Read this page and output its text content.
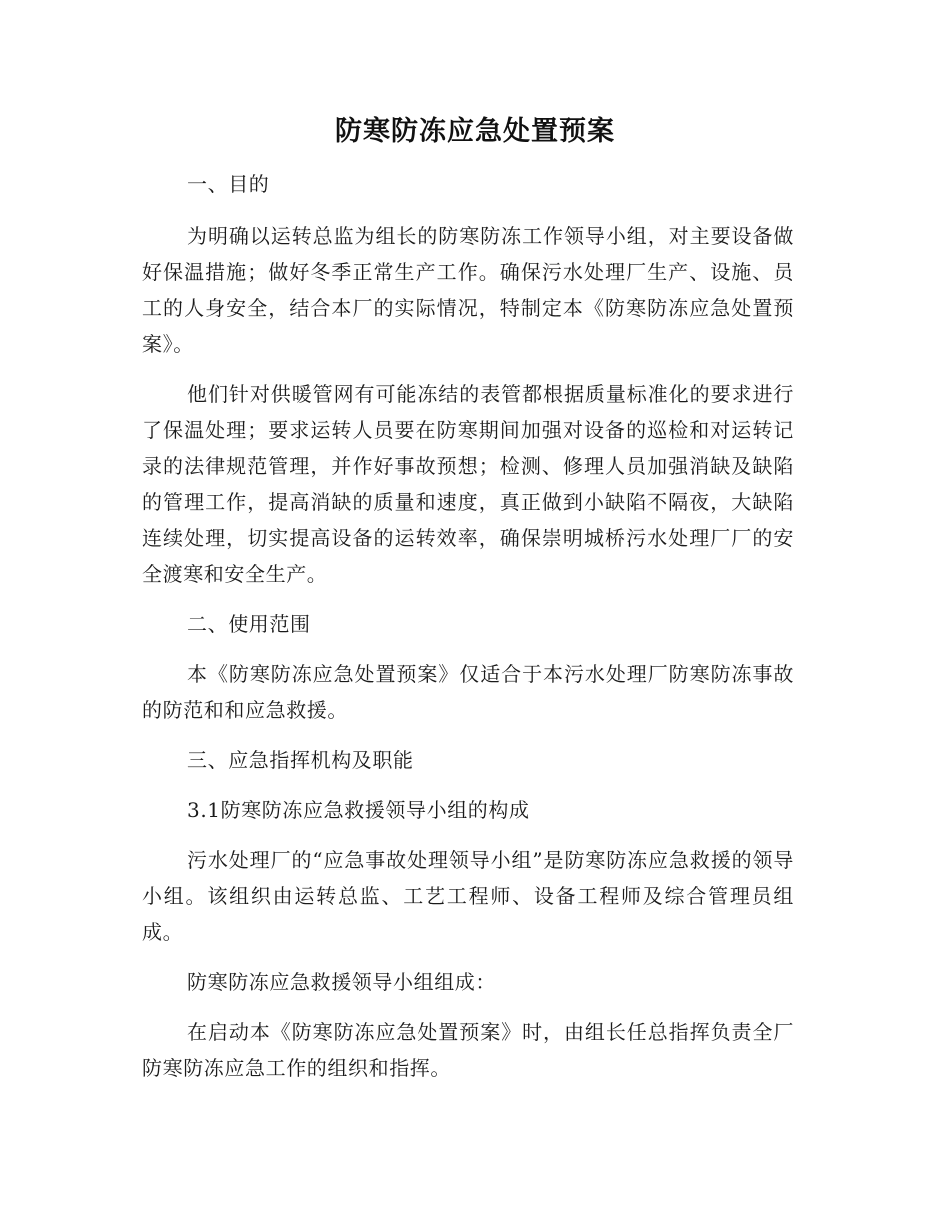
防寒防冻应急处置预案

一、目的

为明确以运转总监为组长的防寒防冻工作领导小组，对主要设备做好保温措施；做好冬季正常生产工作。确保污水处理厂生产、设施、员工的人身安全，结合本厂的实际情况，特制定本《防寒防冻应急处置预案》。

他们针对供暖管网有可能冻结的表管都根据质量标准化的要求进行了保温处理；要求运转人员要在防寒期间加强对设备的巡检和对运转记录的法律规范管理，并作好事故预想；检测、修理人员加强消缺及缺陷的管理工作，提高消缺的质量和速度，真正做到小缺陷不隔夜，大缺陷连续处理，切实提高设备的运转效率，确保崇明城桥污水处理厂厂的安全渡寒和安全生产。

二、使用范围

本《防寒防冻应急处置预案》仅适合于本污水处理厂防寒防冻事故的防范和和应急救援。

三、应急指挥机构及职能

3.1防寒防冻应急救援领导小组的构成

污水处理厂的“应急事故处理领导小组”是防寒防冻应急救援的领导小组。该组织由运转总监、工艺工程师、设备工程师及综合管理员组成。

防寒防冻应急救援领导小组组成：

在启动本《防寒防冻应急处置预案》时，由组长任总指挥负责全厂防寒防冻应急工作的组织和指挥。
